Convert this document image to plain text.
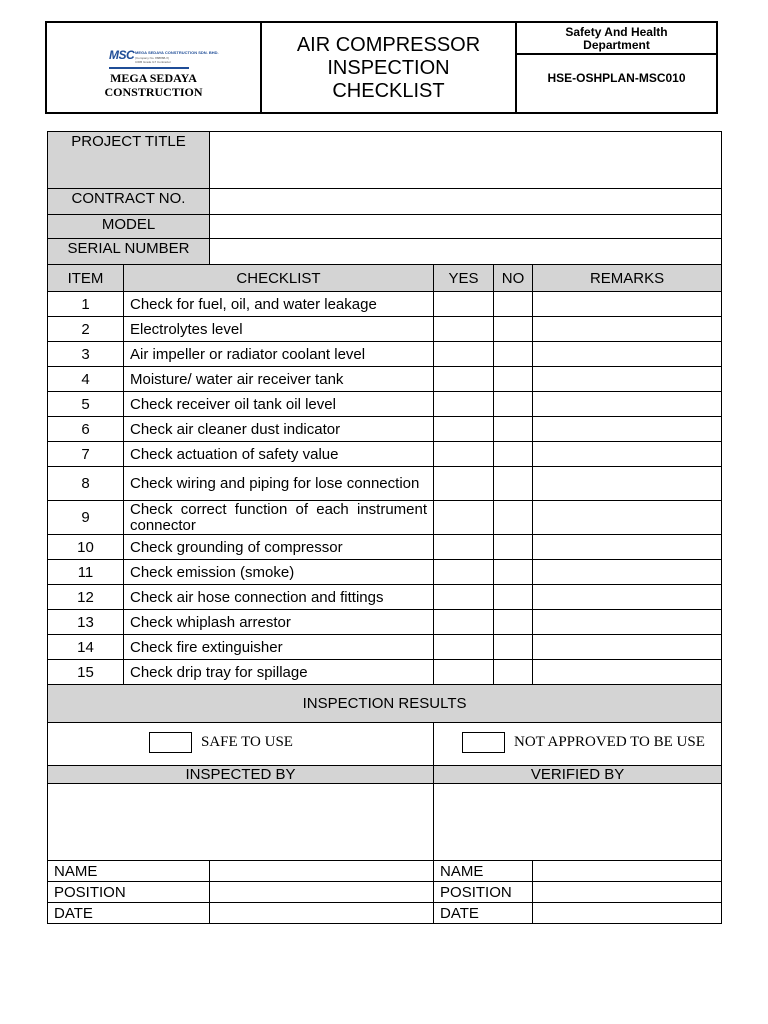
MSC MEGA SEDAYA CONSTRUCTION SDN. BHD.
(Company No. 888888-X)
CIDB Grade G7 Contractor
MEGA SEDAYA
CONSTRUCTION
AIR COMPRESSOR
INSPECTION
CHECKLIST
Safety And Health
Department
HSE-OSHPLAN-MSC010
PROJECT TITLE					
CONTRACT NO.					
MODEL					
SERIAL NUMBER					
ITEM	CHECKLIST		YES	NO	REMARKS
1	Check for fuel, oil, and water leakage				
2	Electrolytes level				
3	Air impeller or radiator coolant level				
4	Moisture/ water air receiver tank				
5	Check receiver oil tank oil level				
6	Check air cleaner dust indicator				
7	Check actuation of safety value				
8	Check wiring and piping for lose connection				
9	Check correct function of each instrument connector				
10	Check grounding of compressor				
11	Check emission (smoke)				
12	Check air hose connection and fittings				
13	Check whiplash arrestor				
14	Check fire extinguisher				
15	Check drip tray for spillage				
INSPECTION RESULTS					

SAFE TO USE			NOT APPROVED TO BE USE		

INSPECTED BY			VERIFIED BY		

NAME			NAME		
POSITION			POSITION		
DATE			DATE		
